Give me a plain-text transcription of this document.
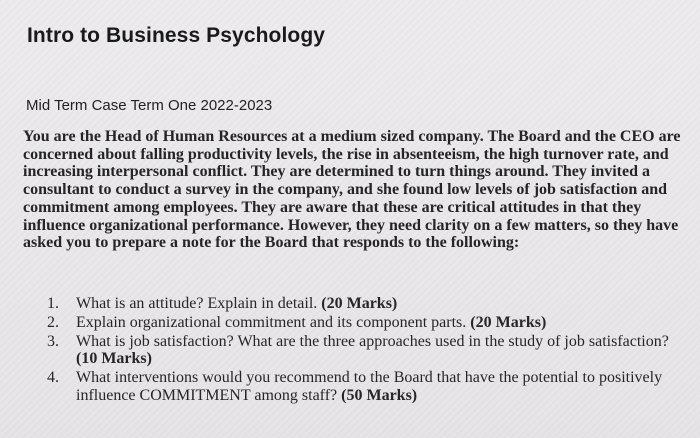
Intro to Business Psychology

Mid Term Case Term One 2022-2023

You are the Head of Human Resources at a medium sized company. The Board and the CEO are concerned about falling productivity levels, the rise in absenteeism, the high turnover rate, and increasing interpersonal conflict. They are determined to turn things around. They invited a consultant to conduct a survey in the company, and she found low levels of job satisfaction and commitment among employees. They are aware that these are critical attitudes in that they influence organizational performance. However, they need clarity on a few matters, so they have asked you to prepare a note for the Board that responds to the following:

1.	What is an attitude? Explain in detail. (20 Marks)
2.	Explain organizational commitment and its component parts. (20 Marks)
3.	What is job satisfaction? What are the three approaches used in the study of job satisfaction? (10 Marks)
4.	What interventions would you recommend to the Board that have the potential to positively influence COMMITMENT among staff? (50 Marks)
